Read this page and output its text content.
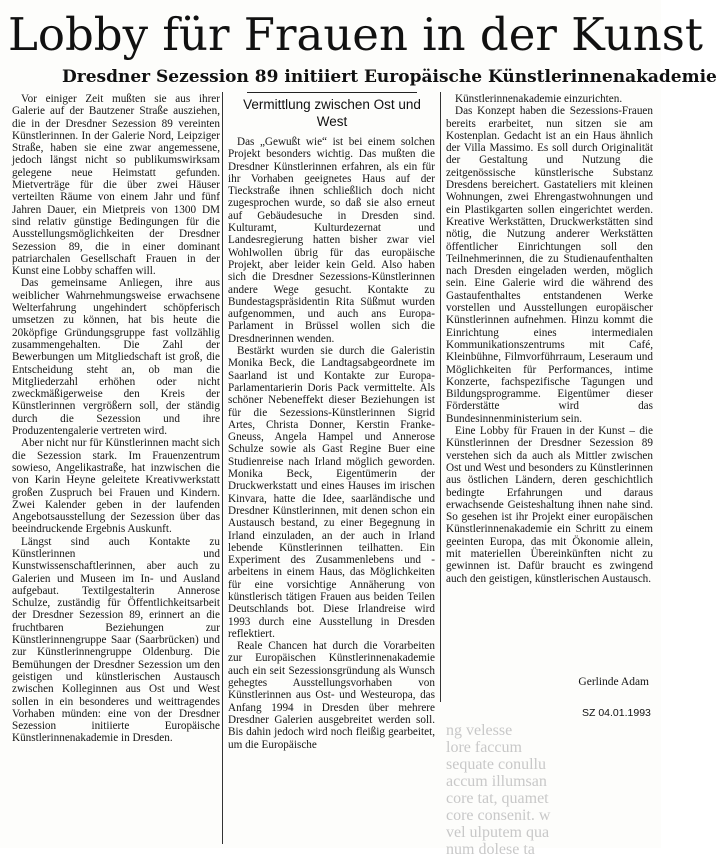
Lobby für Frauen in der Kunst
Dresdner Sezession 89 initiiert Europäische Künstlerinnenakademie

Vor einiger Zeit mußten sie aus ihrer Galerie auf der Bautzener Straße ausziehen, die in der Dresdner Sezession 89 vereinten Künstlerinnen. In der Galerie Nord, Leipziger Straße, haben sie eine zwar angemessene, jedoch längst nicht so publikumswirksam gelegene neue Heimstatt gefunden. Mietverträge für die über zwei Häuser verteilten Räume von einem Jahr und fünf Jahren Dauer, ein Mietpreis von 1300 DM sind relativ günstige Bedingungen für die Ausstellungsmöglichkeiten der Dresdner Sezession 89, die in einer dominant patriarchalen Gesellschaft Frauen in der Kunst eine Lobby schaffen will.

Das gemeinsame Anliegen, ihre aus weiblicher Wahrnehmungsweise erwachsene Welterfahrung ungehindert schöpferisch umsetzen zu können, hat bis heute die 20köpfige Gründungsgruppe fast vollzählig zusammengehalten. Die Zahl der Bewerbungen um Mitgliedschaft ist groß, die Entscheidung steht an, ob man die Mitgliederzahl erhöhen oder nicht zweckmäßigerweise den Kreis der Künstlerinnen vergrößern soll, der ständig durch die Sezession und ihre Produzentengalerie vertreten wird.

Aber nicht nur für Künstlerinnen macht sich die Sezession stark. Im Frauenzentrum sowieso, Angelikastraße, hat inzwischen die von Karin Heyne geleitete Kreativwerkstatt großen Zuspruch bei Frauen und Kindern. Zwei Kalender geben in der laufenden Angebotsausstellung der Sezession über das beeindruckende Ergebnis Auskunft.

Längst sind auch Kontakte zu Künstlerinnen und Kunstwissenschaftlerinnen, aber auch zu Galerien und Museen im In- und Ausland aufgebaut. Textilgestalterin Annerose Schulze, zuständig für Öffentlichkeitsarbeit der Dresdner Sezession 89, erinnert an die fruchtbaren Beziehungen zur Künstlerinnengruppe Saar (Saarbrücken) und zur Künstlerinnengruppe Oldenburg. Die Bemühungen der Dresdner Sezession um den geistigen und künstlerischen Austausch zwischen Kolleginnen aus Ost und West sollen in ein besonderes und weittragendes Vorhaben münden: eine von der Dresdner Sezession initiierte Europäische Künstlerinnenakademie in Dresden.

Vermittlung zwischen Ost und West

Das „Gewußt wie“ ist bei einem solchen Projekt besonders wichtig. Das mußten die Dresdner Künstlerinnen erfahren, als ein für ihr Vorhaben geeignetes Haus auf der Tieckstraße ihnen schließlich doch nicht zugesprochen wurde, so daß sie also erneut auf Gebäudesuche in Dresden sind. Kulturamt, Kulturdezernat und Landesregierung hatten bisher zwar viel Wohlwollen übrig für das europäische Projekt, aber leider kein Geld. Also haben sich die Dresdner Sezessions-Künstlerinnen andere Wege gesucht. Kontakte zu Bundestagspräsidentin Rita Süßmut wurden aufgenommen, und auch ans Europa-Parlament in Brüssel wollen sich die Dresdnerinnen wenden.

Bestärkt wurden sie durch die Galeristin Monika Beck, die Landtagsabgeordnete im Saarland ist und Kontakte zur Europa-Parlamentarierin Doris Pack vermittelte. Als schöner Nebeneffekt dieser Beziehungen ist für die Sezessions-Künstlerinnen Sigrid Artes, Christa Donner, Kerstin Franke-Gneuss, Angela Hampel und Annerose Schulze sowie als Gast Regine Buer eine Studienreise nach Irland möglich geworden. Monika Beck, Eigentümerin der Druckwerkstatt und eines Hauses im irischen Kinvara, hatte die Idee, saarländische und Dresdner Künstlerinnen, mit denen schon ein Austausch bestand, zu einer Begegnung in Irland einzuladen, an der auch in Irland lebende Künstlerinnen teilhatten. Ein Experiment des Zusammenlebens und -arbeitens in einem Haus, das Möglichkeiten für eine vorsichtige Annäherung von künstlerisch tätigen Frauen aus beiden Teilen Deutschlands bot. Diese Irlandreise wird 1993 durch eine Ausstellung in Dresden reflektiert.

Reale Chancen hat durch die Vorarbeiten zur Europäischen Künstlerinnenakademie auch ein seit Sezessionsgründung als Wunsch gehegtes Ausstellungsvorhaben von Künstlerinnen aus Ost- und Westeuropa, das Anfang 1994 in Dresden über mehrere Dresdner Galerien ausgebreitet werden soll. Bis dahin jedoch wird noch fleißig gearbeitet, um die Europäische

Künstlerinnenakademie einzurichten.

Das Konzept haben die Sezessions-Frauen bereits erarbeitet, nun sitzen sie am Kostenplan. Gedacht ist an ein Haus ähnlich der Villa Massimo. Es soll durch Originalität der Gestaltung und Nutzung die zeitgenössische künstlerische Substanz Dresdens bereichert. Gastateliers mit kleinen Wohnungen, zwei Ehrengastwohnungen und ein Plastikgarten sollen eingerichtet werden. Kreative Werkstätten, Druckwerkstätten sind nötig, die Nutzung anderer Werkstätten öffentlicher Einrichtungen soll den Teilnehmerinnen, die zu Studienaufenthalten nach Dresden eingeladen werden, möglich sein. Eine Galerie wird die während des Gastaufenthaltes entstandenen Werke vorstellen und Ausstellungen europäischer Künstlerinnen aufnehmen. Hinzu kommt die Einrichtung eines intermedialen Kommunikationszentrums mit Café, Kleinbühne, Filmvorführraum, Leseraum und Möglichkeiten für Performances, intime Konzerte, fachspezifische Tagungen und Bildungsprogramme. Eigentümer dieser Förderstätte wird das Bundesinnenministerium sein.

Eine Lobby für Frauen in der Kunst – die Künstlerinnen der Dresdner Sezession 89 verstehen sich da auch als Mittler zwischen Ost und West und besonders zu Künstlerinnen aus östlichen Ländern, deren geschichtlich bedingte Erfahrungen und daraus erwachsende Geisteshaltung ihnen nahe sind. So gesehen ist ihr Projekt einer europäischen Künstlerinnenakademie ein Schritt zu einem geeinten Europa, das mit Ökonomie allein, mit materiellen Übereinkünften nicht zu gewinnen ist. Dafür braucht es zwingend auch den geistigen, künstlerischen Austausch.

Gerlinde Adam
SZ 04.01.1993
ng velesse
lore faccum
sequate conullu
accum illumsan
core tat, quamet
core consenit. w
vel ulputem qua
num dolese ta
